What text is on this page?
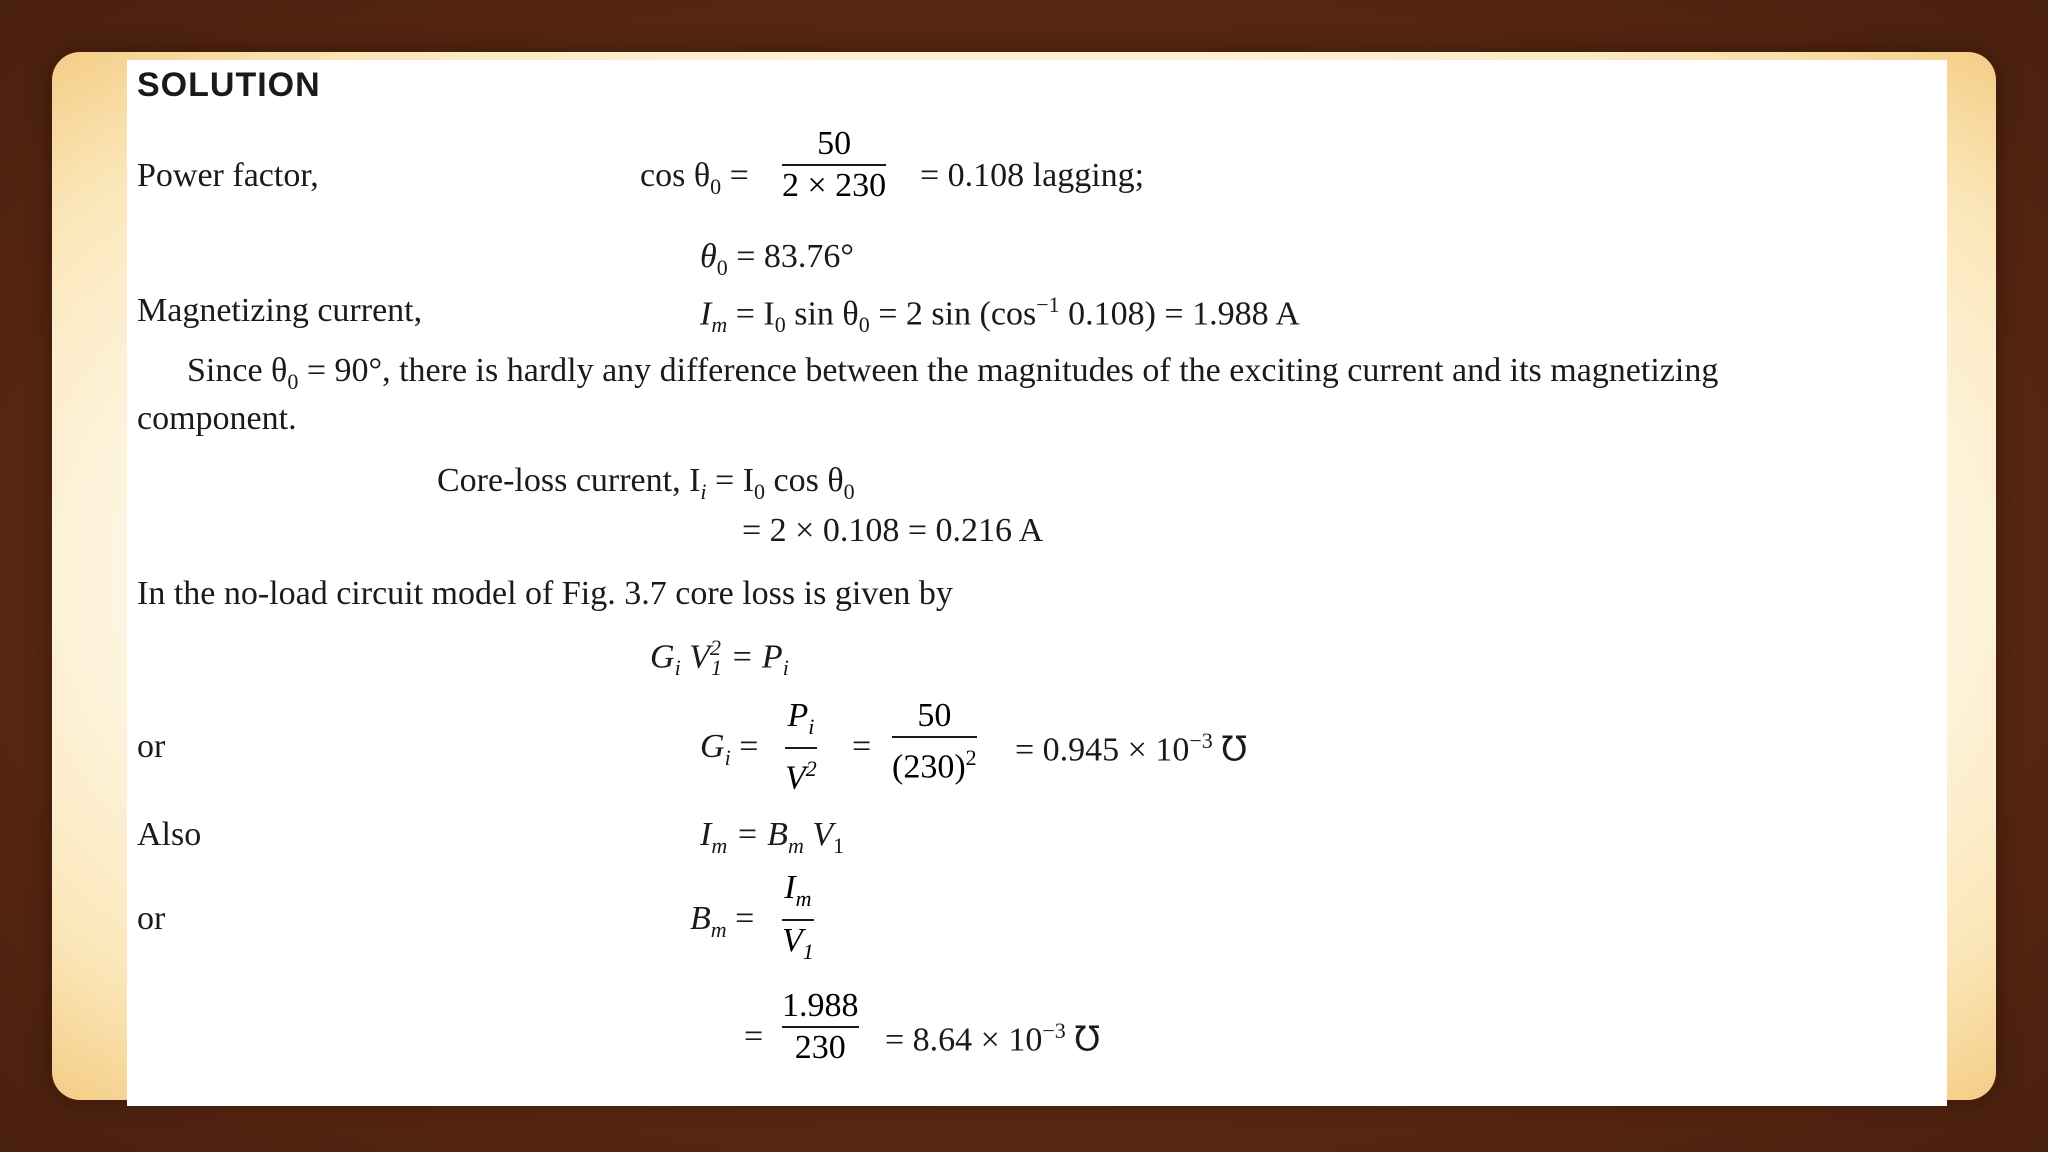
SOLUTION
Power factor,	$\cos \theta_0$ =
50
2 × 230 = 0.108 lagging;
$\theta_0 = 83.76^\circ$
Magnetizing current,	$I_m = I_0$ $\sin \theta_0 = 2$ $\sin (\cos^{-1}$ 0.108) = 1.988 A
Since $\theta_0 = 90^\circ$, there is hardly any difference between the magnitudes of the exciting current and its magnetizing
component.
Core-loss current, $I_i = I_0$ $\cos \theta_0$
= 2 × 0.108 = 0.216 A
In the no-load circuit model of Fig. 3.7 core loss is given by
$G_i$ $V^2_1 = P_i$
or	$G_i$ =
$P_i$
$V^2$
=
50
$(230)^2 = 0.945 \times 10^{-3}$ ℧
Also	$I_m = B_m$ $V_1$
or	$B_m$ =
$I_m$
$V_1$
=
1.988
$230 = 8.64 \times 10^{-3}$ ℧
